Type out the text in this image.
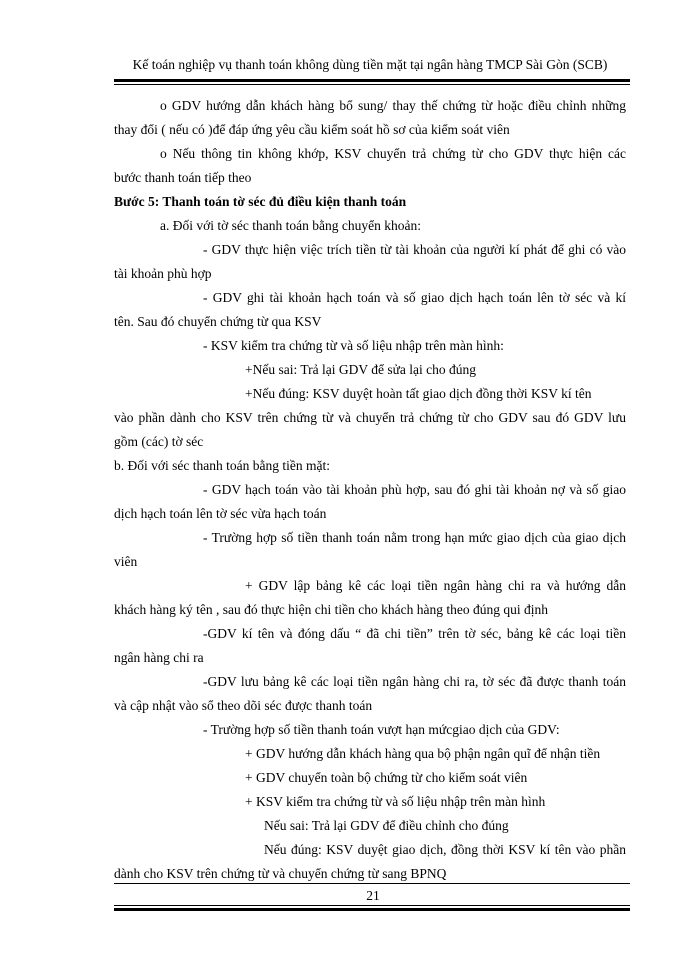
Kế toán nghiệp vụ thanh toán không dùng tiền mặt tại ngân hàng TMCP Sài Gòn (SCB)
o GDV hướng dẫn khách hàng bổ sung/ thay thế chứng từ hoặc điều chỉnh những
thay đổi ( nếu có )để đáp ứng yêu cầu kiểm soát hồ sơ của kiểm soát viên
o Nếu thông tin không khớp, KSV chuyển trả chứng từ cho GDV thực hiện các
bước thanh toán tiếp theo
Bước 5: Thanh toán tờ séc đủ điều kiện thanh toán
a. Đối với tờ séc thanh toán bằng chuyển khoản:
- GDV thực hiện việc trích tiền từ tài khoản của người kí phát để ghi có vào
tài khoản phù hợp
- GDV ghi tài khoản hạch toán và số giao dịch hạch toán lên tờ séc và kí
tên. Sau đó chuyển chứng từ qua KSV
- KSV kiểm tra chứng từ và số liệu nhập trên màn hình:
+Nếu sai: Trả lại GDV để sửa lại cho đúng
+Nếu đúng: KSV duyệt hoàn tất giao dịch đồng thời KSV kí tên
vào phần dành cho KSV trên chứng từ và chuyển trả chứng từ cho GDV sau đó GDV lưu
gồm (các) tờ séc
b. Đối với séc thanh toán bằng tiền mặt:
- GDV hạch toán vào tài khoản phù hợp, sau đó ghi tài khoản nợ và số giao
dịch hạch toán lên tờ séc vừa hạch toán
- Trường hợp số tiền thanh toán nằm trong hạn mức giao dịch của giao dịch
viên
+ GDV lập bảng kê các loại tiền ngân hàng chi ra và hướng dẫn
khách hàng ký tên , sau đó thực hiện chi tiền cho khách hàng theo đúng qui định
-GDV kí tên và đóng dấu “ đã chi tiền” trên tờ séc, bảng kê các loại tiền
ngân hàng chi ra
-GDV lưu bảng kê các loại tiền ngân hàng chi ra, tờ séc đã được thanh toán
và cập nhật vào sổ theo dõi séc được thanh toán
- Trường hợp số tiền thanh toán vượt hạn mứcgiao dịch của GDV:
+ GDV hướng dẫn khách hàng qua bộ phận ngân quĩ để nhận tiền
+ GDV chuyển toàn bộ chứng từ cho kiểm soát viên
+ KSV kiểm tra chứng từ và số liệu nhập trên màn hình
Nếu sai: Trả lại GDV để điều chỉnh cho đúng
Nếu đúng: KSV duyệt giao dịch, đồng thời KSV kí tên vào phần
dành cho KSV trên chứng từ và chuyển chứng từ sang BPNQ
21
